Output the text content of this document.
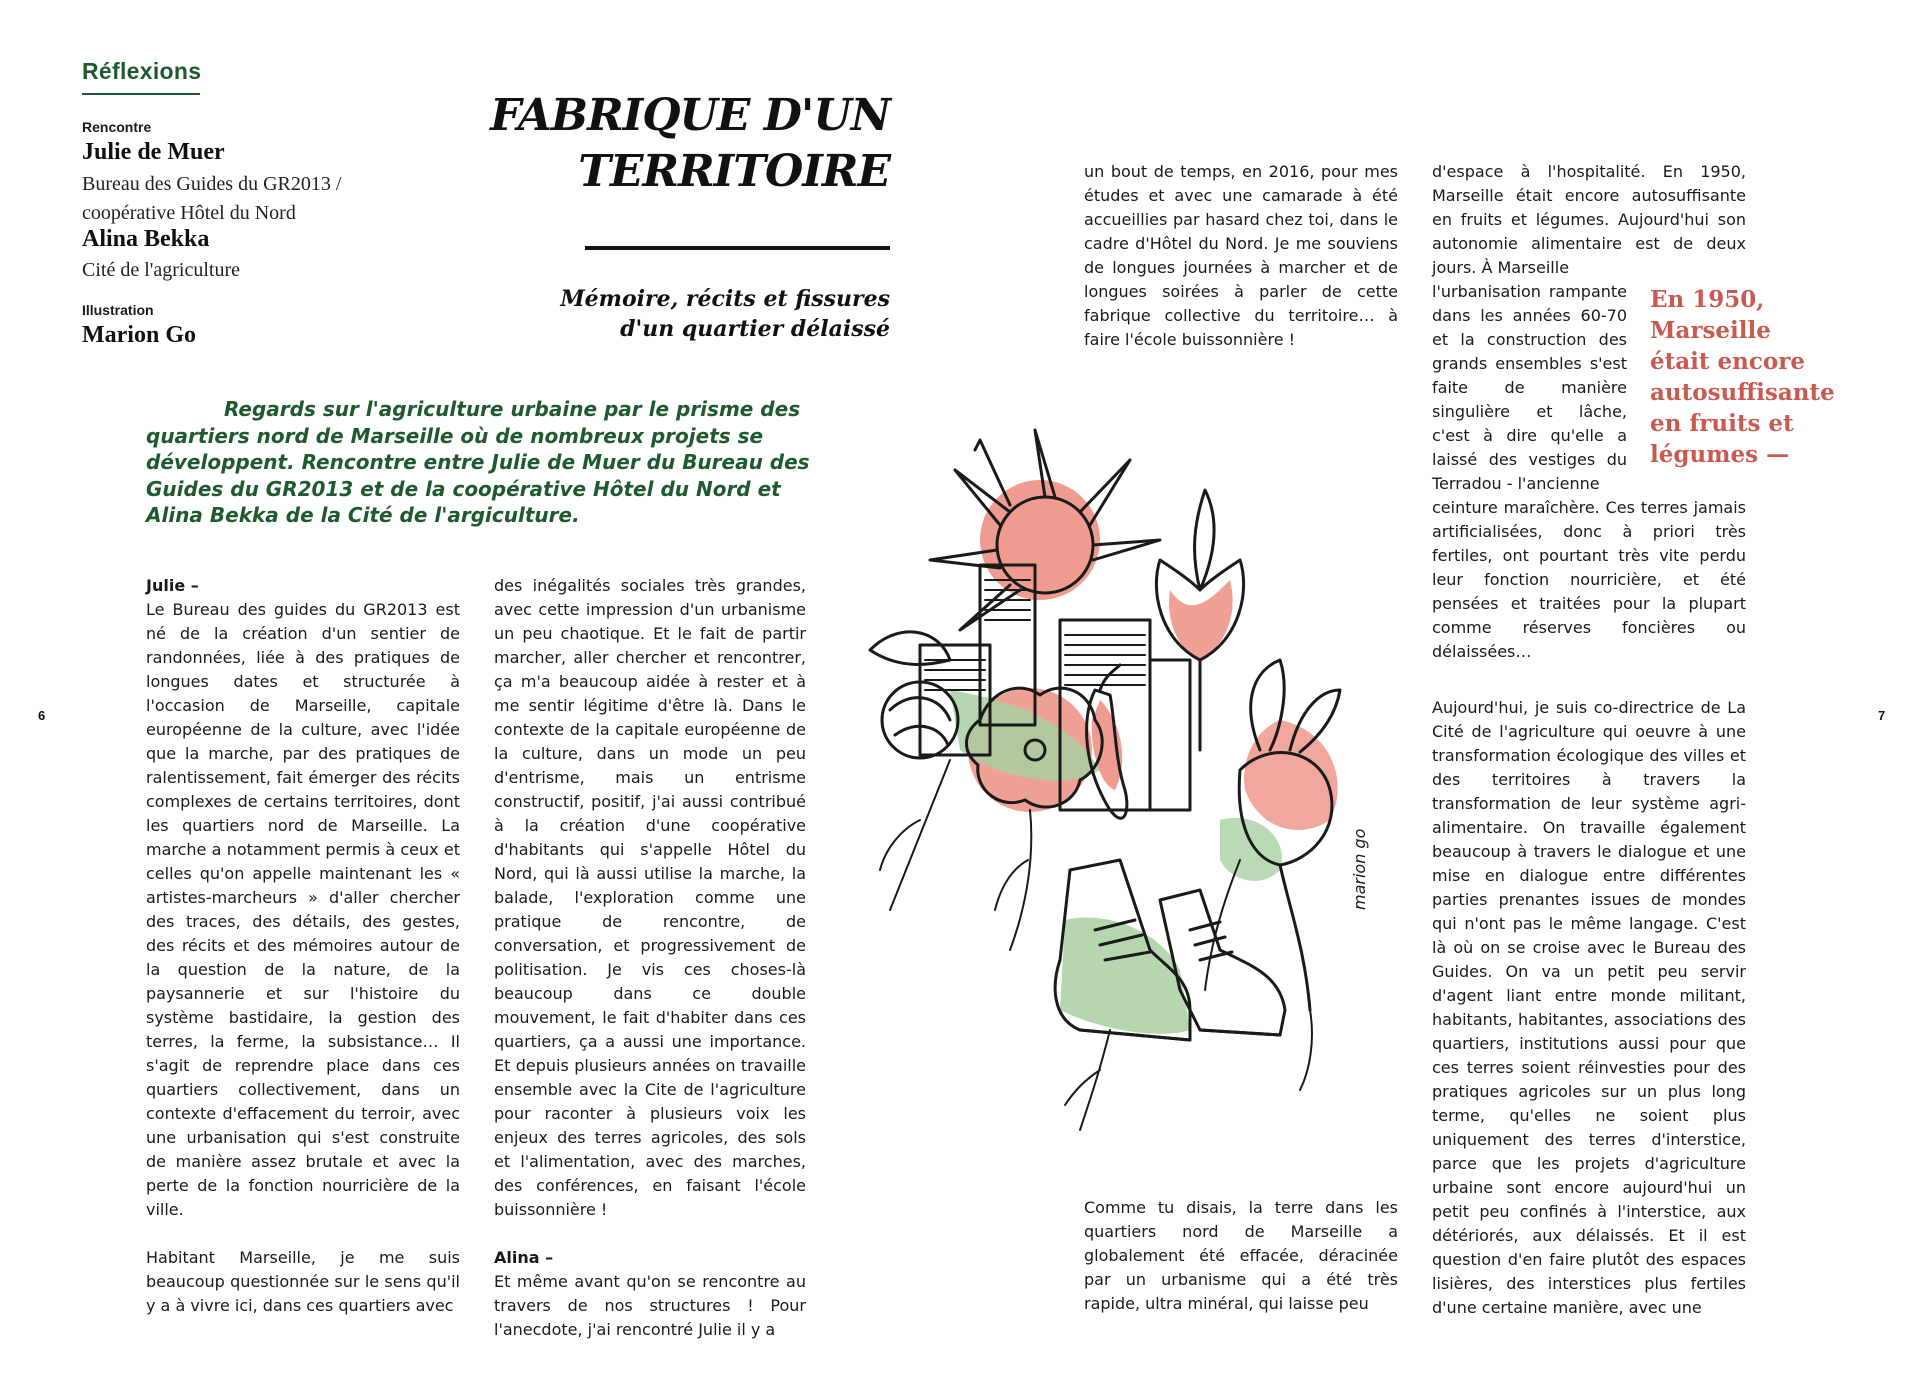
Réflexions
Rencontre
Julie de Muer
Bureau des Guides du GR2013 /
coopérative Hôtel du Nord
Alina Bekka
Cité de l'agriculture
Illustration
Marion Go
FABRIQUE D'UN
TERRITOIRE
Mémoire, récits et fissures
d'un quartier délaissé
Regards sur l'agriculture urbaine par le prisme des quartiers nord de Marseille où de nombreux projets se développent. Rencontre entre Julie de Muer du Bureau des Guides du GR2013 et de la coopérative Hôtel du Nord et Alina Bekka de la Cité de l'argiculture.

Julie –

Le Bureau des guides du GR2013 est né de la création d'un sentier de randonnées, liée à des pratiques de longues dates et structurée à l'occasion de Marseille, capitale européenne de la culture, avec l'idée que la marche, par des pratiques de ralentissement, fait émerger des récits complexes de certains territoires, dont les quartiers nord de Marseille. La marche a notamment permis à ceux et celles qu'on appelle maintenant les « artistes-marcheurs » d'aller chercher des traces, des détails, des gestes, des récits et des mémoires autour de la question de la nature, de la paysannerie et sur l'histoire du système bastidaire, la gestion des terres, la ferme, la subsistance… Il s'agit de reprendre place dans ces quartiers collectivement, dans un contexte d'effacement du terroir, avec une urbanisation qui s'est construite de manière assez brutale et avec la perte de la fonction nourricière de la ville.

Habitant Marseille, je me suis beaucoup questionnée sur le sens qu'il y a à vivre ici, dans ces quartiers avec

des inégalités sociales très grandes, avec cette impression d'un urbanisme un peu chaotique. Et le fait de partir marcher, aller chercher et rencontrer, ça m'a beaucoup aidée à rester et à me sentir légitime d'être là. Dans le contexte de la capitale européenne de la culture, dans un mode un peu d'entrisme, mais un entrisme constructif, positif, j'ai aussi contribué à la création d'une coopérative d'habitants qui s'appelle Hôtel du Nord, qui là aussi utilise la marche, la balade, l'exploration comme une pratique de rencontre, de conversation, et progressivement de politisation. Je vis ces choses-là beaucoup dans ce double mouvement, le fait d'habiter dans ces quartiers, ça a aussi une importance. Et depuis plusieurs années on travaille ensemble avec la Cite de l'agriculture pour raconter à plusieurs voix les enjeux des terres agricoles, des sols et l'alimentation, avec des marches, des conférences, en faisant l'école buissonnière !

Alina –

Et même avant qu'on se rencontre au travers de nos structures ! Pour l'anecdote, j'ai rencontré Julie il y a

un bout de temps, en 2016, pour mes études et avec une camarade à été accueillies par hasard chez toi, dans le cadre d'Hôtel du Nord. Je me souviens de longues journées à marcher et de longues soirées à parler de cette fabrique collective du territoire… à faire l'école buissonnière !

Comme tu disais, la terre dans les quartiers nord de Marseille a globalement été effacée, déracinée par un urbanisme qui a été très rapide, ultra minéral, qui laisse peu

d'espace à l'hospitalité. En 1950, Marseille était encore autosuffisante en fruits et légumes. Aujourd'hui son autonomie alimentaire est de deux jours. À Marseille

l'urbanisation rampante dans les années 60-70 et la construction des grands ensembles s'est faite de manière singulière et lâche, c'est à dire qu'elle a laissé des vestiges du Terradou - l'ancienne

ceinture maraîchère. Ces terres jamais artificialisées, donc à priori très fertiles, ont pourtant très vite perdu leur fonction nourricière, et été pensées et traitées pour la plupart comme réserves foncières ou délaissées…

Aujourd'hui, je suis co-directrice de La Cité de l'agriculture qui oeuvre à une transformation écologique des villes et des territoires à travers la transformation de leur système agri-alimentaire. On travaille également beaucoup à travers le dialogue et une mise en dialogue entre différentes parties prenantes issues de mondes qui n'ont pas le même langage. C'est là où on se croise avec le Bureau des Guides. On va un petit peu servir d'agent liant entre monde militant, habitants, habitantes, associations des quartiers, institutions aussi pour que ces terres soient réinvesties pour des pratiques agricoles sur un plus long terme, qu'elles ne soient plus uniquement des terres d'interstice, parce que les projets d'agriculture urbaine sont encore aujourd'hui un petit peu confinés à l'interstice, aux détériorés, aux délaissés. Et il est question d'en faire plutôt des espaces lisières, des interstices plus fertiles d'une certaine manière, avec une

En 1950, Marseille était encore autosuffisante en fruits et légumes —
6	7
marion go
